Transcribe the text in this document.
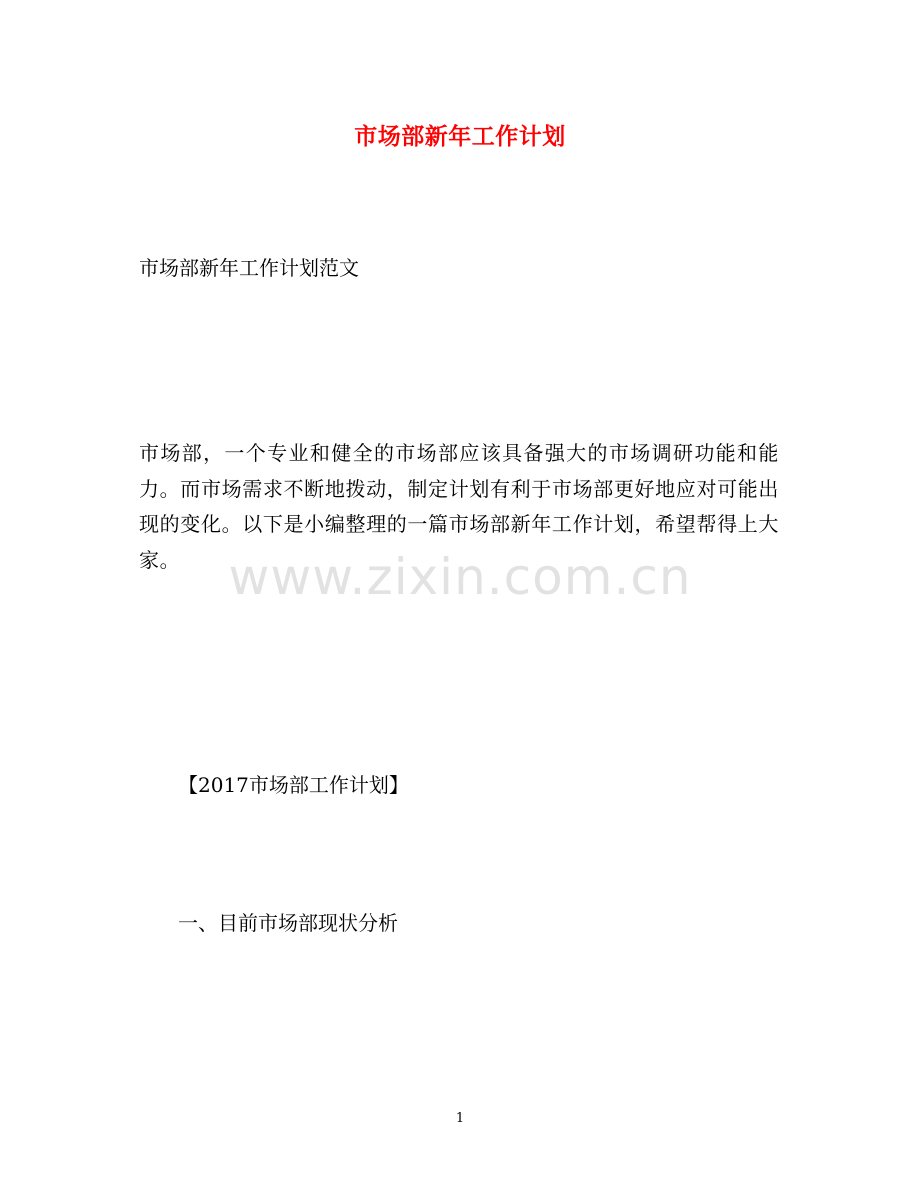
市场部新年工作计划
市场部新年工作计划范文
市场部，一个专业和健全的市场部应该具备强大的市场调研功能和能力。而市场需求不断地拨动，制定计划有利于市场部更好地应对可能出现的变化。以下是小编整理的一篇市场部新年工作计划，希望帮得上大家。 www.zixin.com.cn
【2017市场部工作计划】
一、目前市场部现状分析
1
